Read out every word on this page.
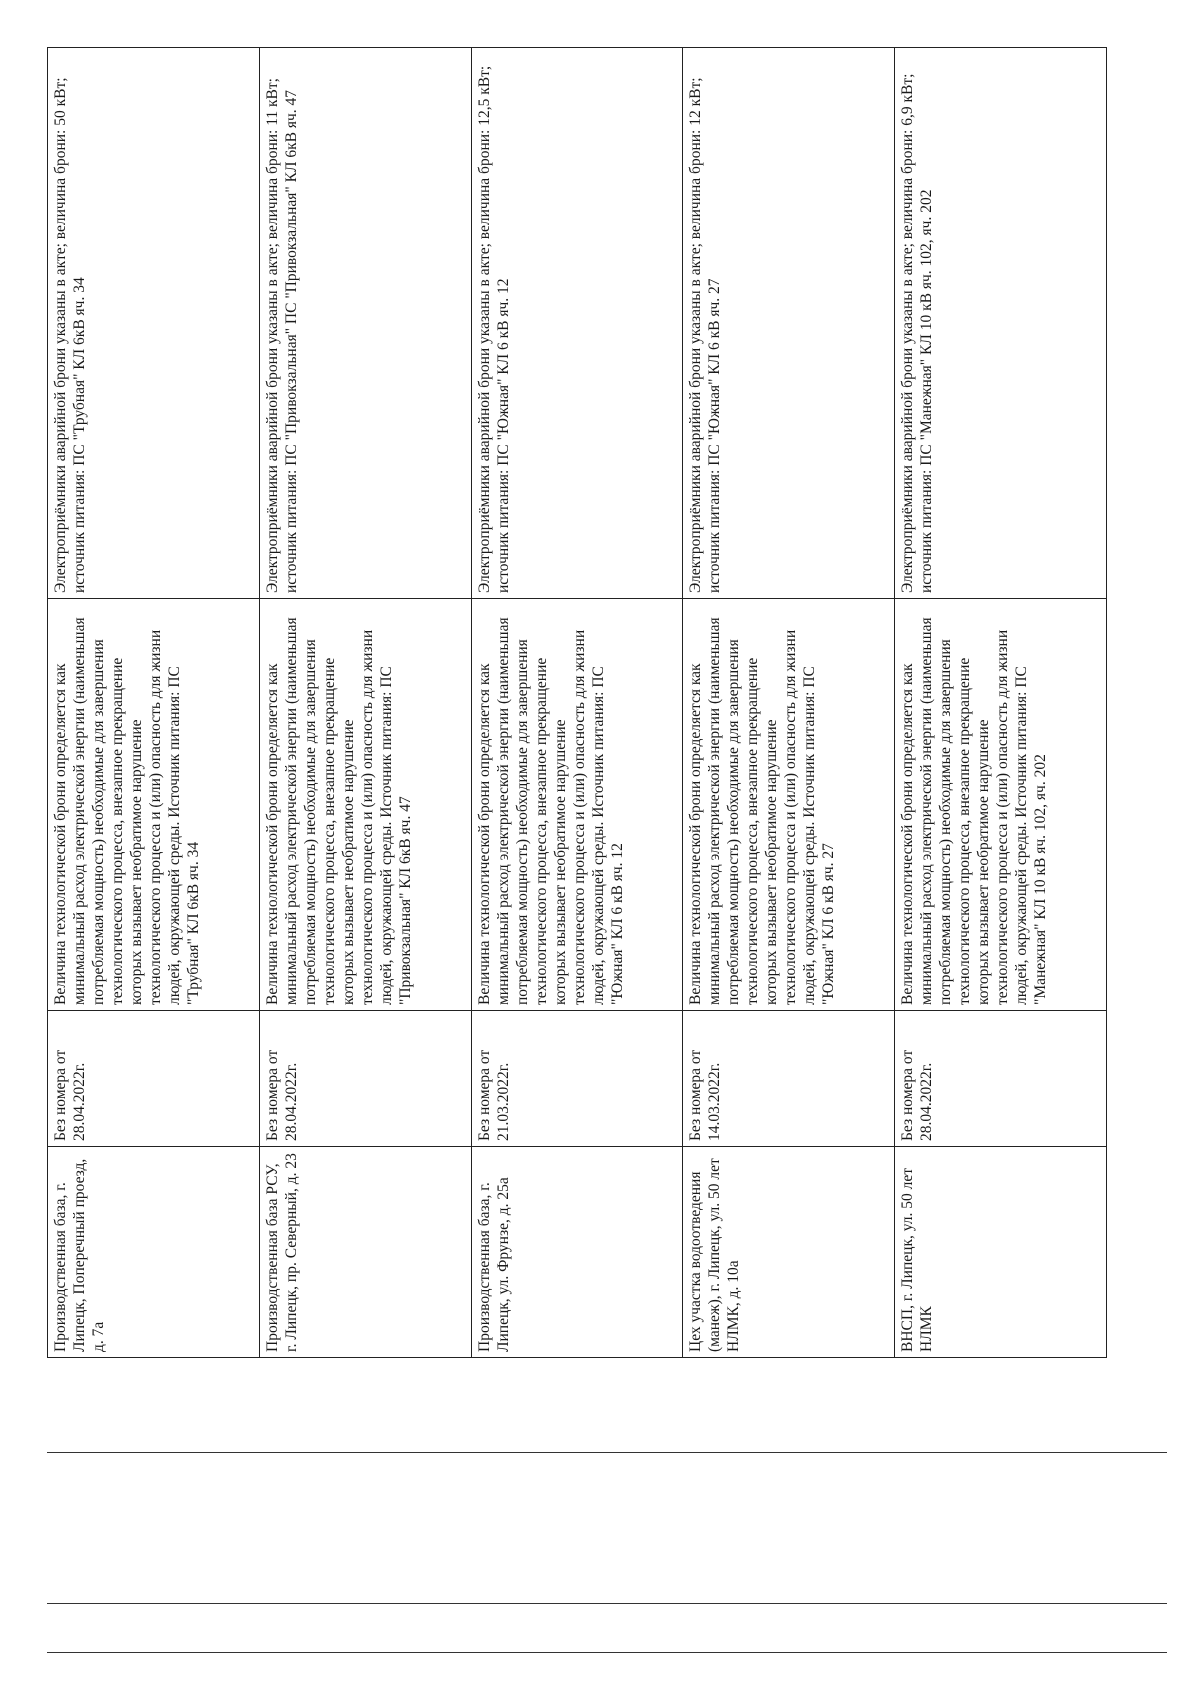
Производственная база, г. Липецк, Поперечный проезд, д. 7а	Без номера от 28.04.2022г.	Величина технологической брони определяется как минимальный расход электрической энергии (наименьшая потребляемая мощность) необходимые для завершения технологического процесса, внезапное прекращение которых вызывает необратимое нарушение технологического процесса и (или) опасность для жизни людей, окружающей среды. Источник питания: ПС "Трубная" КЛ 6кВ яч. 34	Электроприёмники аварийной брони указаны в акте; величина брони: 50 кВт; источник питания: ПС "Трубная" КЛ 6кВ яч. 34
Производственная база РСУ, г. Липецк, пр. Северный, д. 23	Без номера от 28.04.2022г.	Величина технологической брони определяется как минимальный расход электрической энергии (наименьшая потребляемая мощность) необходимые для завершения технологического процесса, внезапное прекращение которых вызывает необратимое нарушение технологического процесса и (или) опасность для жизни людей, окружающей среды. Источник питания: ПС "Привокзальная" КЛ 6кВ яч. 47	Электроприёмники аварийной брони указаны в акте; величина брони: 11 кВт; источник питания: ПС "Привокзальная" ПС "Привокзальная" КЛ 6кВ яч. 47
Производственная база, г. Липецк, ул. Фрунзе, д. 25а	Без номера от 21.03.2022г.	Величина технологической брони определяется как минимальный расход электрической энергии (наименьшая потребляемая мощность) необходимые для завершения технологического процесса, внезапное прекращение которых вызывает необратимое нарушение технологического процесса и (или) опасность для жизни людей, окружающей среды. Источник питания: ПС "Южная" КЛ 6 кВ яч. 12	Электроприёмники аварийной брони указаны в акте; величина брони: 12,5 кВт; источник питания: ПС "Южная" КЛ 6 кВ яч. 12
Цех участка водоотведения (манеж), г. Липецк, ул. 50 лет НЛМК, д. 10а	Без номера от 14.03.2022г.	Величина технологической брони определяется как минимальный расход электрической энергии (наименьшая потребляемая мощность) необходимые для завершения технологического процесса, внезапное прекращение которых вызывает необратимое нарушение технологического процесса и (или) опасность для жизни людей, окружающей среды. Источник питания: ПС "Южная" КЛ 6 кВ яч. 27	Электроприёмники аварийной брони указаны в акте; величина брони: 12 кВт; источник питания: ПС "Южная" КЛ 6 кВ яч. 27
ВНСП, г. Липецк, ул. 50 лет НЛМК	Без номера от 28.04.2022г.	Величина технологической брони определяется как минимальный расход электрической энергии (наименьшая потребляемая мощность) необходимые для завершения технологического процесса, внезапное прекращение которых вызывает необратимое нарушение технологического процесса и (или) опасность для жизни людей, окружающей среды. Источник питания: ПС "Манежная" КЛ 10 кВ яч. 102, яч. 202	Электроприёмники аварийной брони указаны в акте; величина брони: 6,9 кВт; источник питания: ПС "Манежная" КЛ 10 кВ яч. 102, яч. 202
